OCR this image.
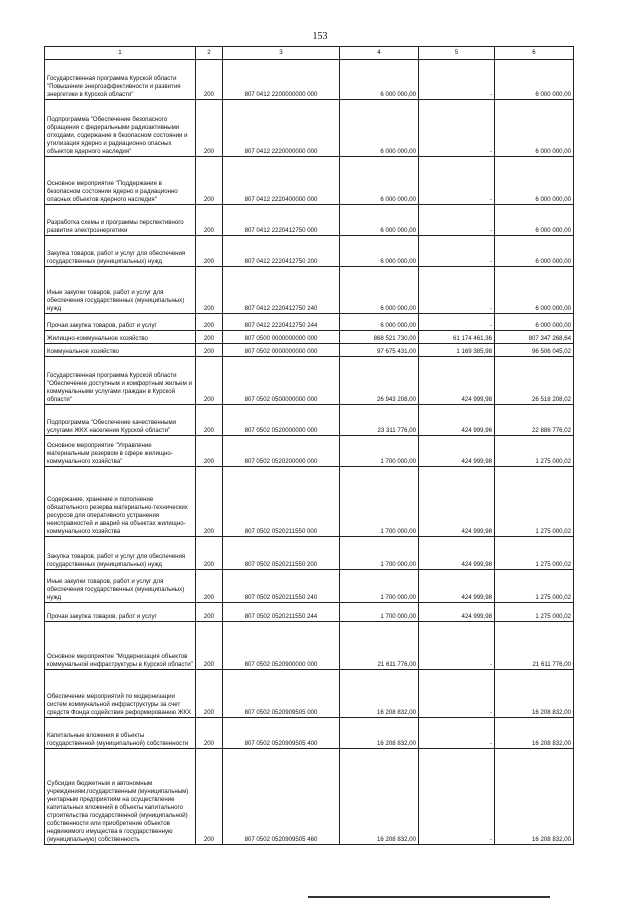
153
1	2	3	4	5	6
Государственная программа Курской области "Повышение энергоэффективности и развития энергетики в Курской области"	200	807 0412 2200000000 000	6 000 000,00	-	6 000 000,00
Подпрограмма "Обеспечение безопасного обращения с федеральными радиоактивными отходами, содержание в безопасном состоянии и утилизация ядерно и радиационно опасных объектов ядерного наследия"	200	807 0412 2220000000 000	6 000 000,00	-	6 000 000,00
Основное мероприятие "Поддержание в безопасном состоянии ядерно и радиационно опасных объектов ядерного наследия"	200	807 0412 2220400000 000	6 000 000,00	-	6 000 000,00
Разработка схемы и программы перспективного развития электроэнергетики	200	807 0412 2220412750 000	6 000 000,00	-	6 000 000,00
Закупка товаров, работ и услуг для обеспечения государственных (муниципальных) нужд	200	807 0412 2220412750 200	6 000 000,00	-	6 000 000,00
Иные закупки товаров, работ и услуг для обеспечения государственных (муниципальных) нужд	200	807 0412 2220412750 240	6 000 000,00	-	6 000 000,00
Прочая закупка товаров, работ и услуг	200	807 0412 2220412750 244	6 000 000,00	-	6 000 000,00
Жилищно-коммунальное хозяйство	200	807 0500 0000000000 000	868 521 730,00	61 174 461,36	807 347 268,64
Коммунальное хозяйство	200	807 0502 0000000000 000	97 675 431,00	1 169 385,98	96 506 045,02
Государственная программа Курской области "Обеспечение доступным и комфортным жильем и коммунальными услугами граждан в Курской области"	200	807 0502 0500000000 000	26 943 208,00	424 999,98	26 518 208,02
Подпрограмма "Обеспечение качественными услугами ЖКХ населения Курской области"	200	807 0502 0520000000 000	23 311 776,00	424 999,96	22 886 776,02
Основное мероприятие "Управление материальным резервом в сфере жилищно-коммунального хозяйства"	200	807 0502 0520200000 000	1 700 000,00	424 999,98	1 275 000,02
Содержание, хранение и пополнение обязательного резерва материально-технических ресурсов для оперативного устранения неисправностей и аварий на объектах жилищно-коммунального хозяйства	200	807 0502 0520211550 000	1 700 000,00	424 999,98	1 275 000,02
Закупка товаров, работ и услуг для обеспечения государственных (муниципальных) нужд	200	807 0502 0520211550 200	1 700 000,00	424 999,98	1 275 000,02
Иные закупки товаров, работ и услуг для обеспечения государственных (муниципальных) нужд	200	807 0502 0520211550 240	1 700 000,00	424 999,98	1 275 000,02
Прочая закупка товаров, работ и услуг	200	807 0502 0520211550 244	1 700 000,00	424 999,98	1 275 000,02
Основное мероприятие "Модернизация объектов коммунальной инфраструктуры в Курской области"	200	807 0502 0520900000 000	21 611 776,00	-	21 611 776,00
Обеспечение мероприятий по модернизации систем коммунальной инфраструктуры за счет средств Фонда содействия реформированию ЖКХ	200	807 0502 0520909505 000	16 208 832,00	-	16 208 832,00
Капитальные вложения в объекты государственной (муниципальной) собственности	200	807 0502 0520909505 400	16 208 832,00	-	16 208 832,00
Субсидии бюджетным и автономным учреждениям,государственным (муниципальным) унитарным предприятиям на осуществление капитальных вложений в объекты капитального строительства государственной (муниципальной) собственности или приобретение объектов недвижимого имущества в государственную (муниципальную) собственность	200	807 0502 0520909505 460	16 208 832,00	-	16 208 832,00
